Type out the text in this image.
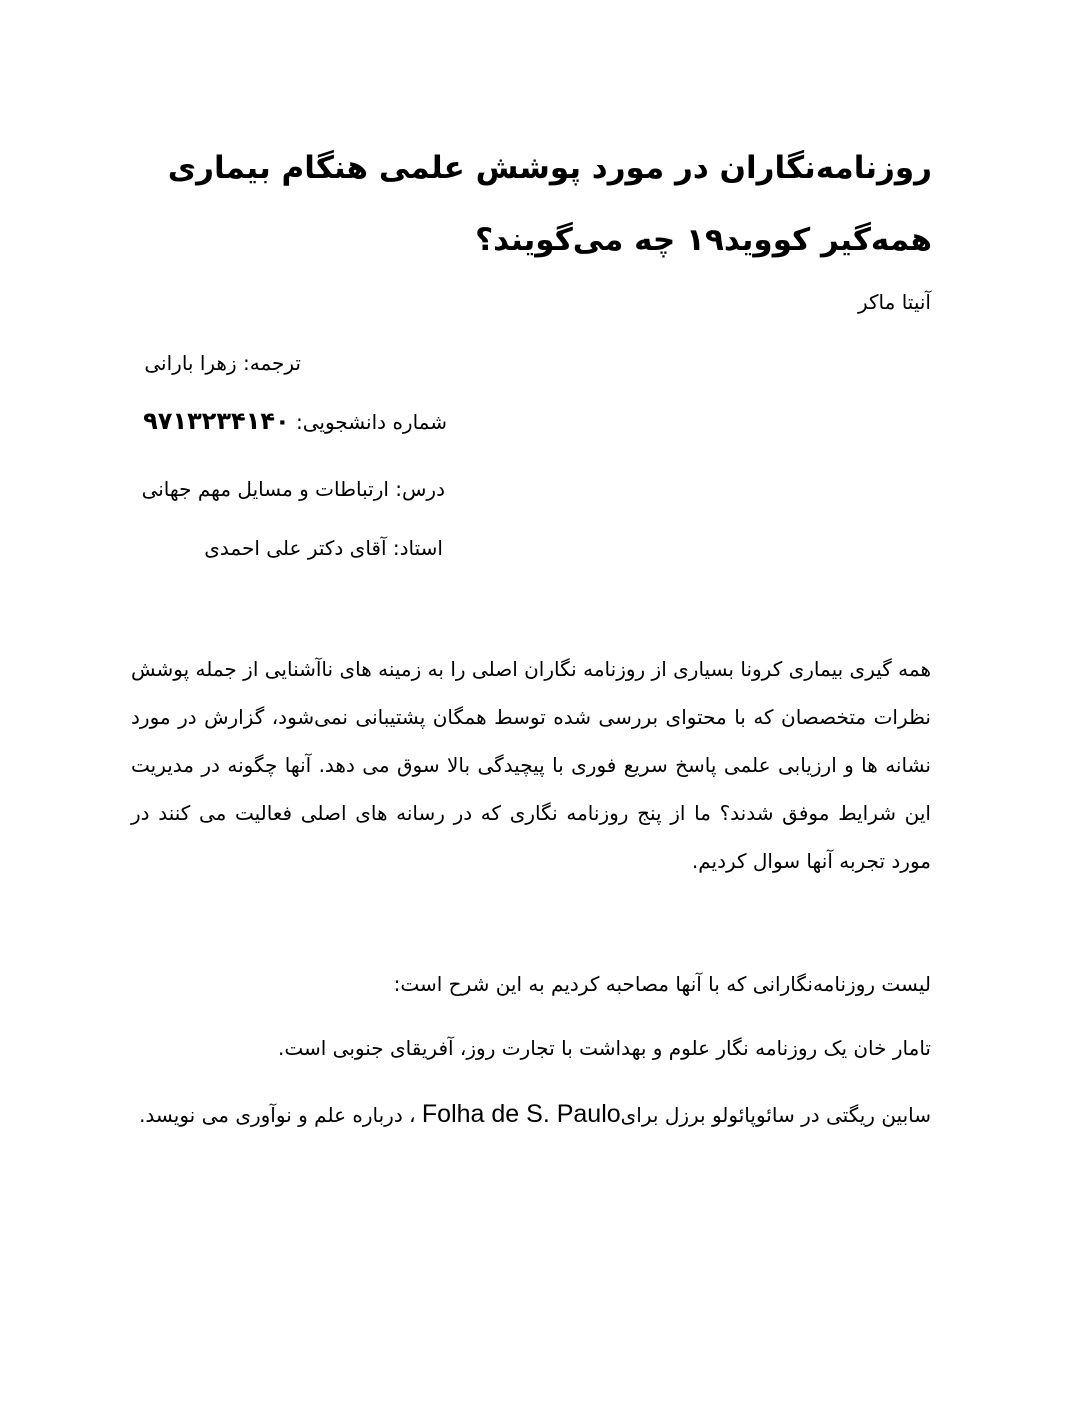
روزنامه‌نگاران در مورد پوشش علمی هنگام بیماری همه‌گیر کووید۱۹ چه می‌گویند؟

آنیتا ماکر

ترجمه: زهرا بارانی

شماره دانشجویی: ۹۷۱۳۲۳۴۱۴۰

درس: ارتباطات و مسایل مهم جهانی

استاد: آقای دکتر علی احمدی

همه گیری بیماری کرونا بسیاری از روزنامه نگاران اصلی را به زمینه های ناآشنایی از جمله پوشش نظرات متخصصان که با محتوای بررسی شده توسط همگان پشتیبانی نمی‌شود، گزارش در مورد نشانه ها و ارزیابی علمی پاسخ سریع فوری با پیچیدگی بالا سوق می دهد. آنها چگونه در مدیریت این شرایط موفق شدند؟ ما از پنج روزنامه نگاری که در رسانه های اصلی فعالیت می کنند در مورد تجربه آنها سوال کردیم.

لیست روزنامه‌نگارانی که با آنها مصاحبه کردیم به این شرح است:

تامار خان یک روزنامه نگار علوم و بهداشت با تجارت روز، آفریقای جنوبی است.

سابین ریگتی در سائوپائولو برزل برایFolha de S. Paulo ، درباره علم و نوآوری می نویسد.
